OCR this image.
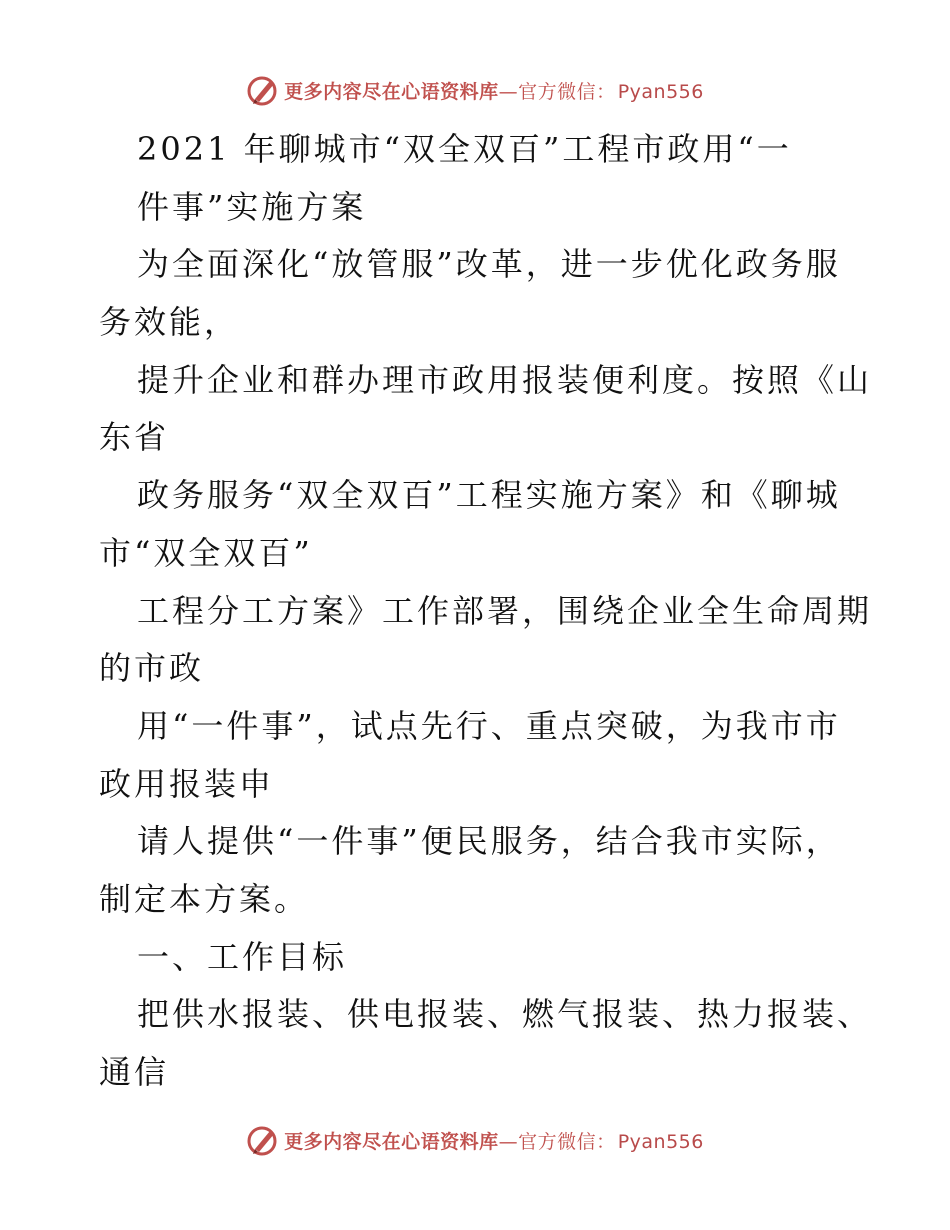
更多内容尽在心语资料库—官方微信： Pyan556
2021 年聊城市“双全双百”工程市政用“一
件事”实施方案
为全面深化“放管服”改革，进一步优化政务服
务效能，
提升企业和群办理市政用报装便利度。按照《山
东省
政务服务“双全双百”工程实施方案》和《聊城
市“双全双百”
工程分工方案》工作部署，围绕企业全生命周期
的市政
用“一件事”，试点先行、重点突破，为我市市
政用报装申
请人提供“一件事”便民服务，结合我市实际，
制定本方案。
一、工作目标
把供水报装、供电报装、燃气报装、热力报装、
通信
更多内容尽在心语资料库—官方微信： Pyan556
